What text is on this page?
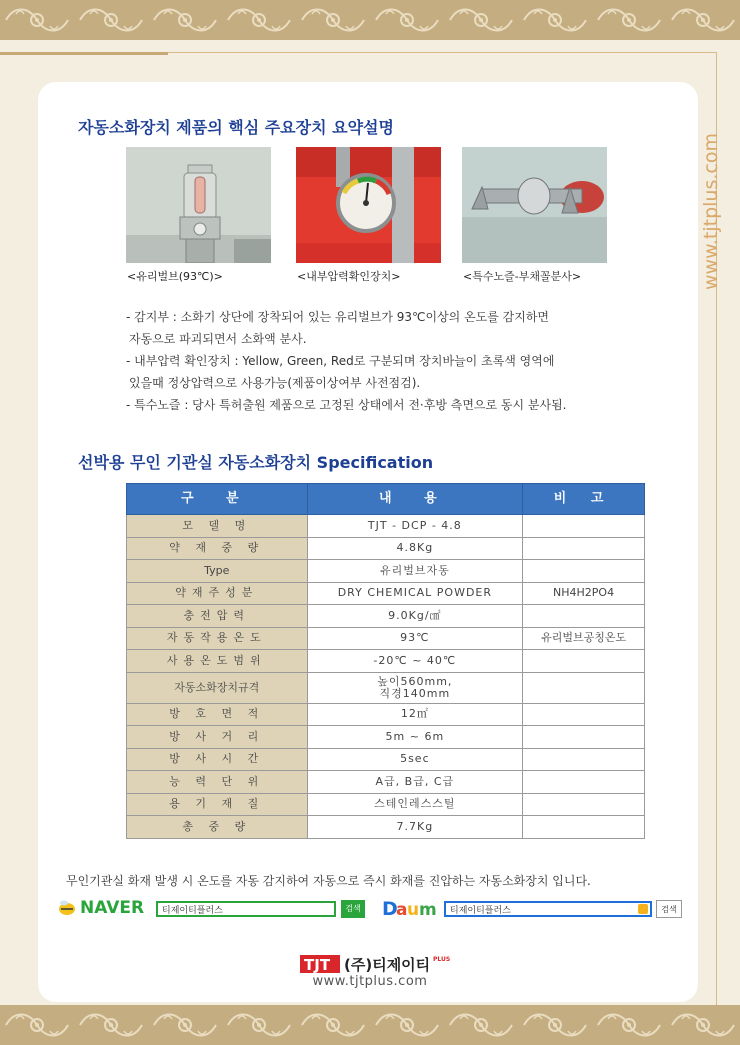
www.tjtplus.com
자동소화장치 제품의 핵심 주요장치 요약설명
<유리벌브(93℃)>	<내부압력확인장치>	<특수노즐-부채꼴분사>
- 감지부 : 소화기 상단에 장착되어 있는 유리벌브가 93℃이상의 온도를 감지하면
자동으로 파괴되면서 소화액 분사.
- 내부압력 확인장치 : Yellow, Green, Red로 구분되며 장치바늘이 초록색 영역에
있을때 정상압력으로 사용가능(제품이상여부 사전점검).
- 특수노즐 : 당사 특허출원 제품으로 고정된 상태에서 전·후방 측면으로 동시 분사됨.
선박용 무인 기관실 자동소화장치 Specification
구 분	내 용	비 고
모 델 명	TJT - DCP - 4.8	
약 재 중 량	4.8Kg	
Type	유리벌브자동	
약재주성분	DRY CHEMICAL POWDER	NH4H2PO4
충전압력	9.0Kg/㎠	
자동작용온도	93℃	유리벌브공칭온도
사용온도범위	-20℃ ~ 40℃	
자동소화장치규격	높이560mm,
직경140mm	
방 호 면 적	12㎡	
방 사 거 리	5m ~ 6m	
방 사 시 간	5sec	
능 력 단 위	A급, B급, C급	
용 기 재 질	스테인레스스틸	
총 중 량	7.7Kg	
무인기관실 화재 발생 시 온도를 자동 감지하여 자동으로 즉시 화재를 진압하는 자동소화장치 입니다.
NAVER	티제이티플러스	검색 D
a u m	티제이티플러스	검색
TJT (주)티제이티 PLUS
www.tjtplus.com
